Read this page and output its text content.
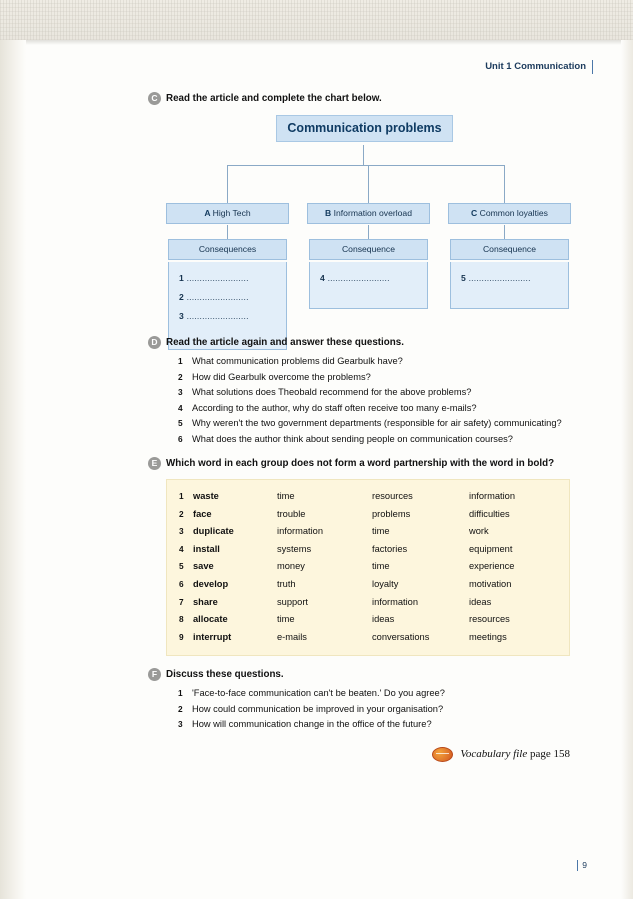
Unit 1 Communication
C Read the article and complete the chart below.
Communication problems
A High Tech	B Information overload	C Common loyalties
Consequences	Consequence	Consequence
1 ........................
2 ........................
3 ........................
4 ........................	5 ........................
D Read the article again and answer these questions.
1 What communication problems did Gearbulk have?
2 How did Gearbulk overcome the problems?
3 What solutions does Theobald recommend for the above problems?
4 According to the author, why do staff often receive too many e-mails?
5 Why weren't the two government departments (responsible for air safety) communicating?
6 What does the author think about sending people on communication courses?
E Which word in each group does not form a word partnership with the word in bold?
1	waste	time	resources	information
2	face	trouble	problems	difficulties
3	duplicate	information	time	work
4	install	systems	factories	equipment
5	save	money	time	experience
6	develop	truth	loyalty	motivation
7	share	support	information	ideas
8	allocate	time	ideas	resources
9	interrupt	e-mails	conversations	meetings
F Discuss these questions.
1 'Face-to-face communication can't be beaten.' Do you agree?
2 How could communication be improved in your organisation?
3 How will communication change in the office of the future?
Vocabulary file page 158
9
